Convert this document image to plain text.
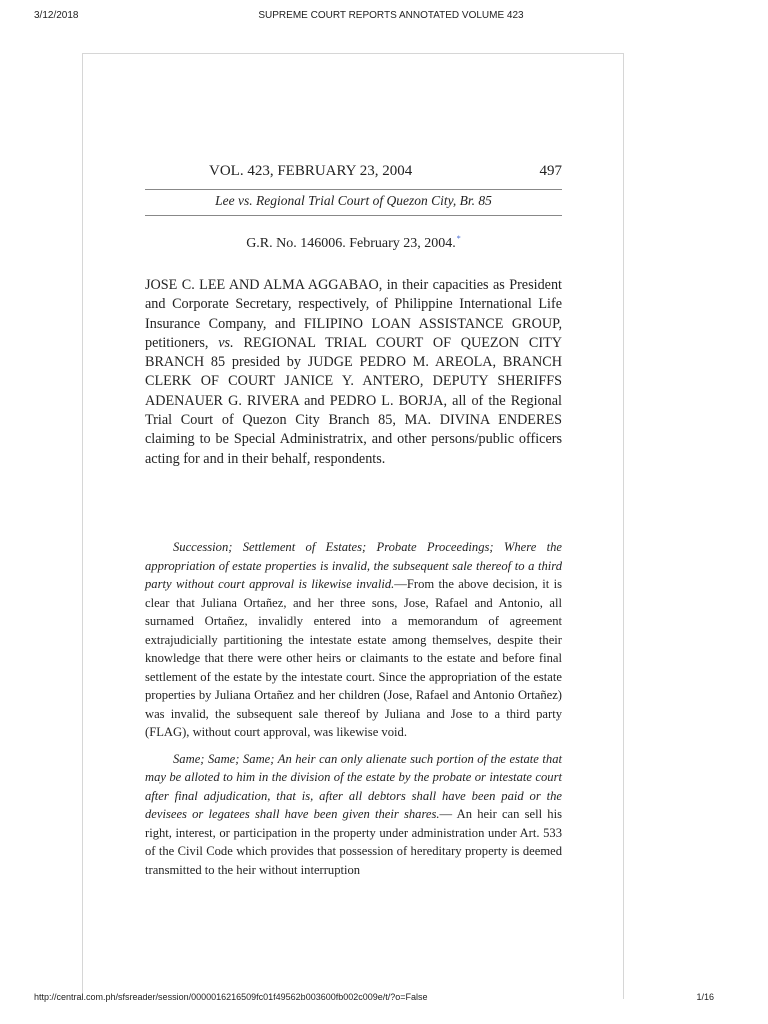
3/12/2018	SUPREME COURT REPORTS ANNOTATED VOLUME 423
VOL. 423, FEBRUARY 23, 2004	497
Lee vs. Regional Trial Court of Quezon City, Br. 85
G.R. No. 146006. February 23, 2004.*
JOSE C. LEE AND ALMA AGGABAO, in their capacities as President and Corporate Secretary, respectively, of Philippine International Life Insurance Company, and FILIPINO LOAN ASSISTANCE GROUP, petitioners, vs. REGIONAL TRIAL COURT OF QUEZON CITY BRANCH 85 presided by JUDGE PEDRO M. AREOLA, BRANCH CLERK OF COURT JANICE Y. ANTERO, DEPUTY SHERIFFS ADENAUER G. RIVERA and PEDRO L. BORJA, all of the Regional Trial Court of Quezon City Branch 85, MA. DIVINA ENDERES claiming to be Special Administratrix, and other persons/public officers acting for and in their behalf, respondents.

Succession; Settlement of Estates; Probate Proceedings; Where the appropriation of estate properties is invalid, the subsequent sale thereof to a third party without court approval is likewise invalid.—From the above decision, it is clear that Juliana Ortañez, and her three sons, Jose, Rafael and Antonio, all surnamed Ortañez, invalidly entered into a memorandum of agreement extrajudicially partitioning the intestate estate among themselves, despite their knowledge that there were other heirs or claimants to the estate and before final settlement of the estate by the intestate court. Since the appropriation of the estate properties by Juliana Ortañez and her children (Jose, Rafael and Antonio Ortañez) was invalid, the subsequent sale thereof by Juliana and Jose to a third party (FLAG), without court approval, was likewise void.

Same; Same; Same; An heir can only alienate such portion of the estate that may be alloted to him in the division of the estate by the probate or intestate court after final adjudication, that is, after all debtors shall have been paid or the devisees or legatees shall have been given their shares.— An heir can sell his right, interest, or participation in the property under administration under Art. 533 of the Civil Code which provides that possession of hereditary property is deemed transmitted to the heir without interruption

http://central.com.ph/sfsreader/session/0000016216509fc01f49562b003600fb002c009e/t/?o=False	1/16
